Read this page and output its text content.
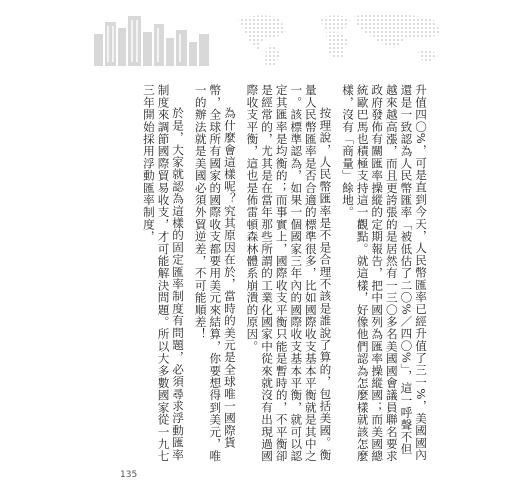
升值四〇%，可是直到今天，人民幣匯率已經升值了三一%，美國國內還是一致認為人民幣匯率「被低估了二〇%／四〇%」，這一呼聲不但越來越高漲，而且更誇張的是居然有一三〇多名美國國會議員聯名要求政府發佈有關匯率操縱的定期報告，把中國列為匯率操縱國；而美國總統歐巴馬也積極支持這一觀點。就這樣，好像他們認為怎麼樣就該怎麼樣，沒有「商量」餘地。

按理說，人民幣匯率是不是合理不該是誰說了算的，包括美國。衡量人民幣匯率是否合適的標準很多，比如國際收支基本平衡就是其中之一。該標準認為，如果一個國家三年內的國際收支基本平衡，就可以認定其匯率是均衡的；而事實上，國際收支平衡只能是暫時的，不平衡卻是經常的，尤其是在當年那些所謂的工業化國家中從來就沒有出現過國際收支平衡，這也是佈雷頓森林體系崩潰的原因。

為什麼會這樣呢？究其原因在於，當時的美元是全球唯一國際貨幣，全球所有國家的國際收支都要用美元來結算，你要想得到美元，唯一的辦法就是美國必須外貿逆差，不可能順差！

於是，大家就認為這樣的固定匯率制度有問題，必須尋求浮動匯率制度來調節國際貿易收支，才可能解決問題。所以大多數國家從一九七三年開始採用浮動匯率制度，

135
